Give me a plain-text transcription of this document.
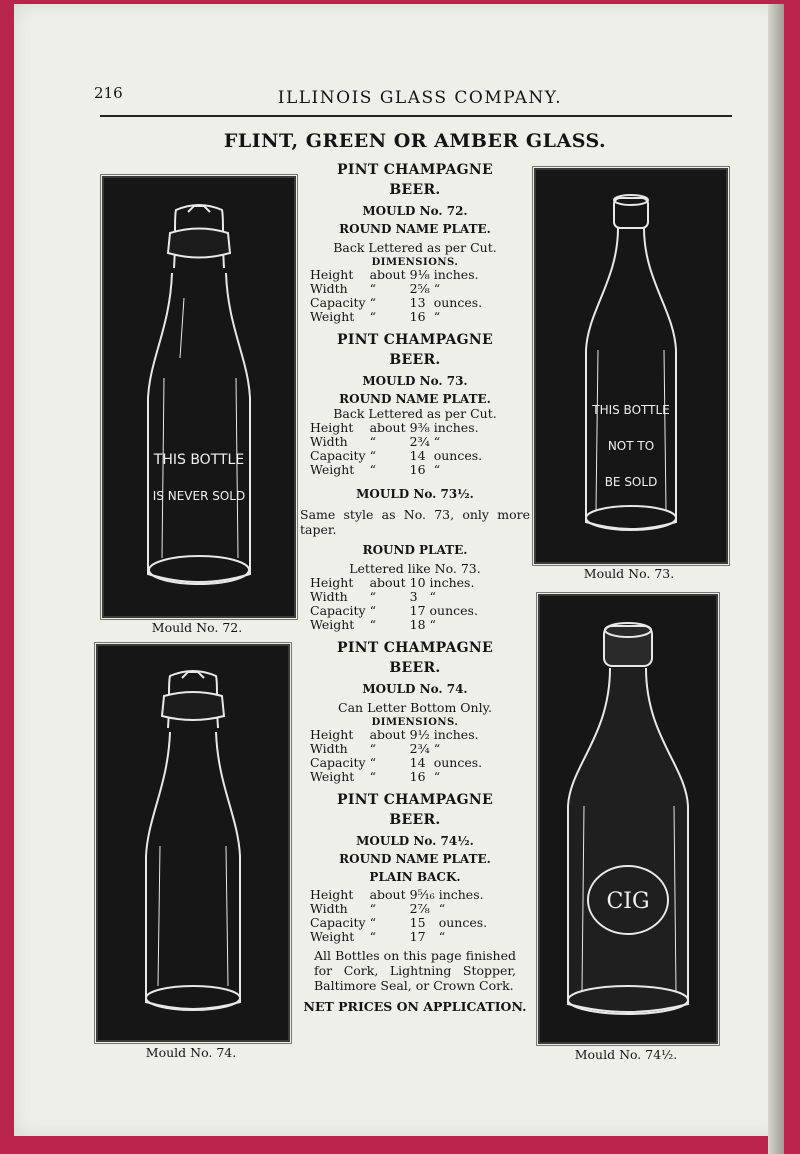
216	ILLINOIS GLASS COMPANY.
FLINT, GREEN OR AMBER GLASS.
THIS BOTTLE
IS NEVER SOLD
Mould No. 72.
THIS BOTTLE
NOT TO
BE SOLD
Mould No. 73.
Mould No. 74.
CIG
Mould No. 74½.
PINT CHAMPAGNE
BEER.
MOULD No. 72.
ROUND NAME PLATE.
Back Lettered as per Cut.
DIMENSIONS.
Height	about	9⅛	inches.
Width	“	2⅝	“
Capacity	“	13	ounces.
Weight	“	16	“
PINT CHAMPAGNE
BEER.
MOULD No. 73.
ROUND NAME PLATE.
Back Lettered as per Cut.
Height	about	9⅜	inches.
Width	“	2¾	“
Capacity	“	14	ounces.
Weight	“	16	“
MOULD No. 73½.
Same style as No. 73, only more taper.
ROUND PLATE.
Lettered like No. 73.
Height	about	10	inches.
Width	“	3	“
Capacity	“	17	ounces.
Weight	“	18	“
PINT CHAMPAGNE
BEER.
MOULD No. 74.
Can Letter Bottom Only.
DIMENSIONS.
Height	about	9½	inches.
Width	“	2¾	“
Capacity	“	14	ounces.
Weight	“	16	“
PINT CHAMPAGNE
BEER.
MOULD No. 74½.
ROUND NAME PLATE.
PLAIN BACK.
Height	about	9⁵⁄₁₆	inches.
Width	“	2⅞	“
Capacity	“	15	ounces.
Weight	“	17	“
All Bottles on this page finished for Cork, Lightning Stopper, Baltimore Seal, or Crown Cork.
NET PRICES ON APPLICATION.
